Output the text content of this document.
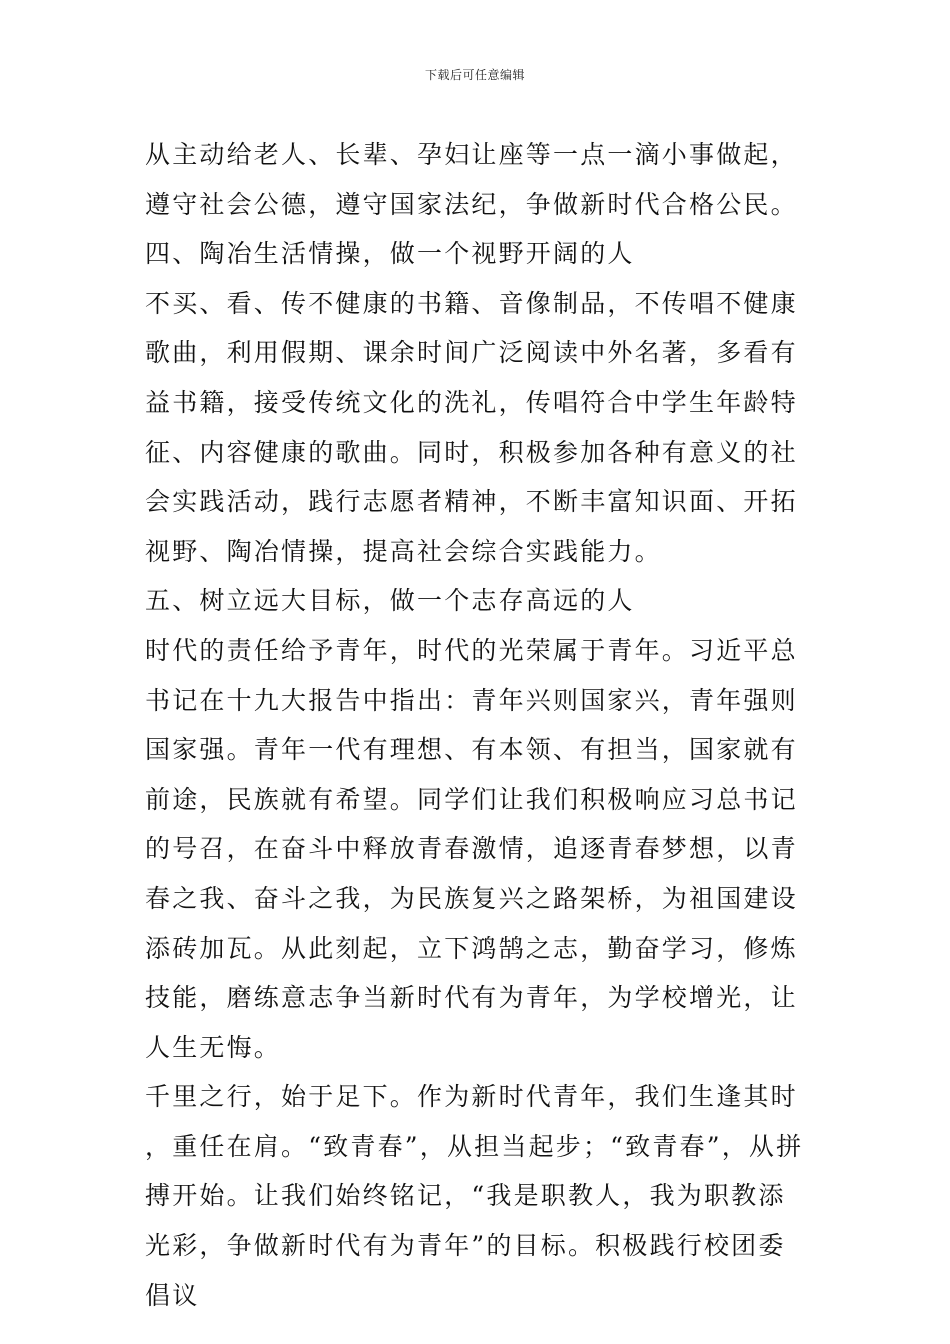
下载后可任意编辑

从主动给老人、长辈、孕妇让座等一点一滴小事做起，遵守社会公德，遵守国家法纪，争做新时代合格公民。

四、陶冶生活情操，做一个视野开阔的人

不买、看、传不健康的书籍、音像制品，不传唱不健康歌曲，利用假期、课余时间广泛阅读中外名著，多看有益书籍，接受传统文化的洗礼，传唱符合中学生年龄特征、内容健康的歌曲。同时，积极参加各种有意义的社会实践活动，践行志愿者精神，不断丰富知识面、开拓视野、陶冶情操，提高社会综合实践能力。

五、树立远大目标，做一个志存高远的人

时代的责任给予青年，时代的光荣属于青年。习近平总书记在十九大报告中指出：青年兴则国家兴，青年强则国家强。青年一代有理想、有本领、有担当，国家就有前途，民族就有希望。同学们让我们积极响应习总书记的号召，在奋斗中释放青春激情，追逐青春梦想，以青春之我、奋斗之我，为民族复兴之路架桥，为祖国建设添砖加瓦。从此刻起，立下鸿鹄之志，勤奋学习，修炼技能，磨练意志争当新时代有为青年，为学校增光，让人生无悔。

千里之行，始于足下。作为新时代青年，我们生逢其时，重任在肩。“致青春”，从担当起步；“致青春”，从拼搏开始。让我们始终铭记，“我是职教人，我为职教添光彩，争做新时代有为青年”的目标。积极践行校团委倡议
